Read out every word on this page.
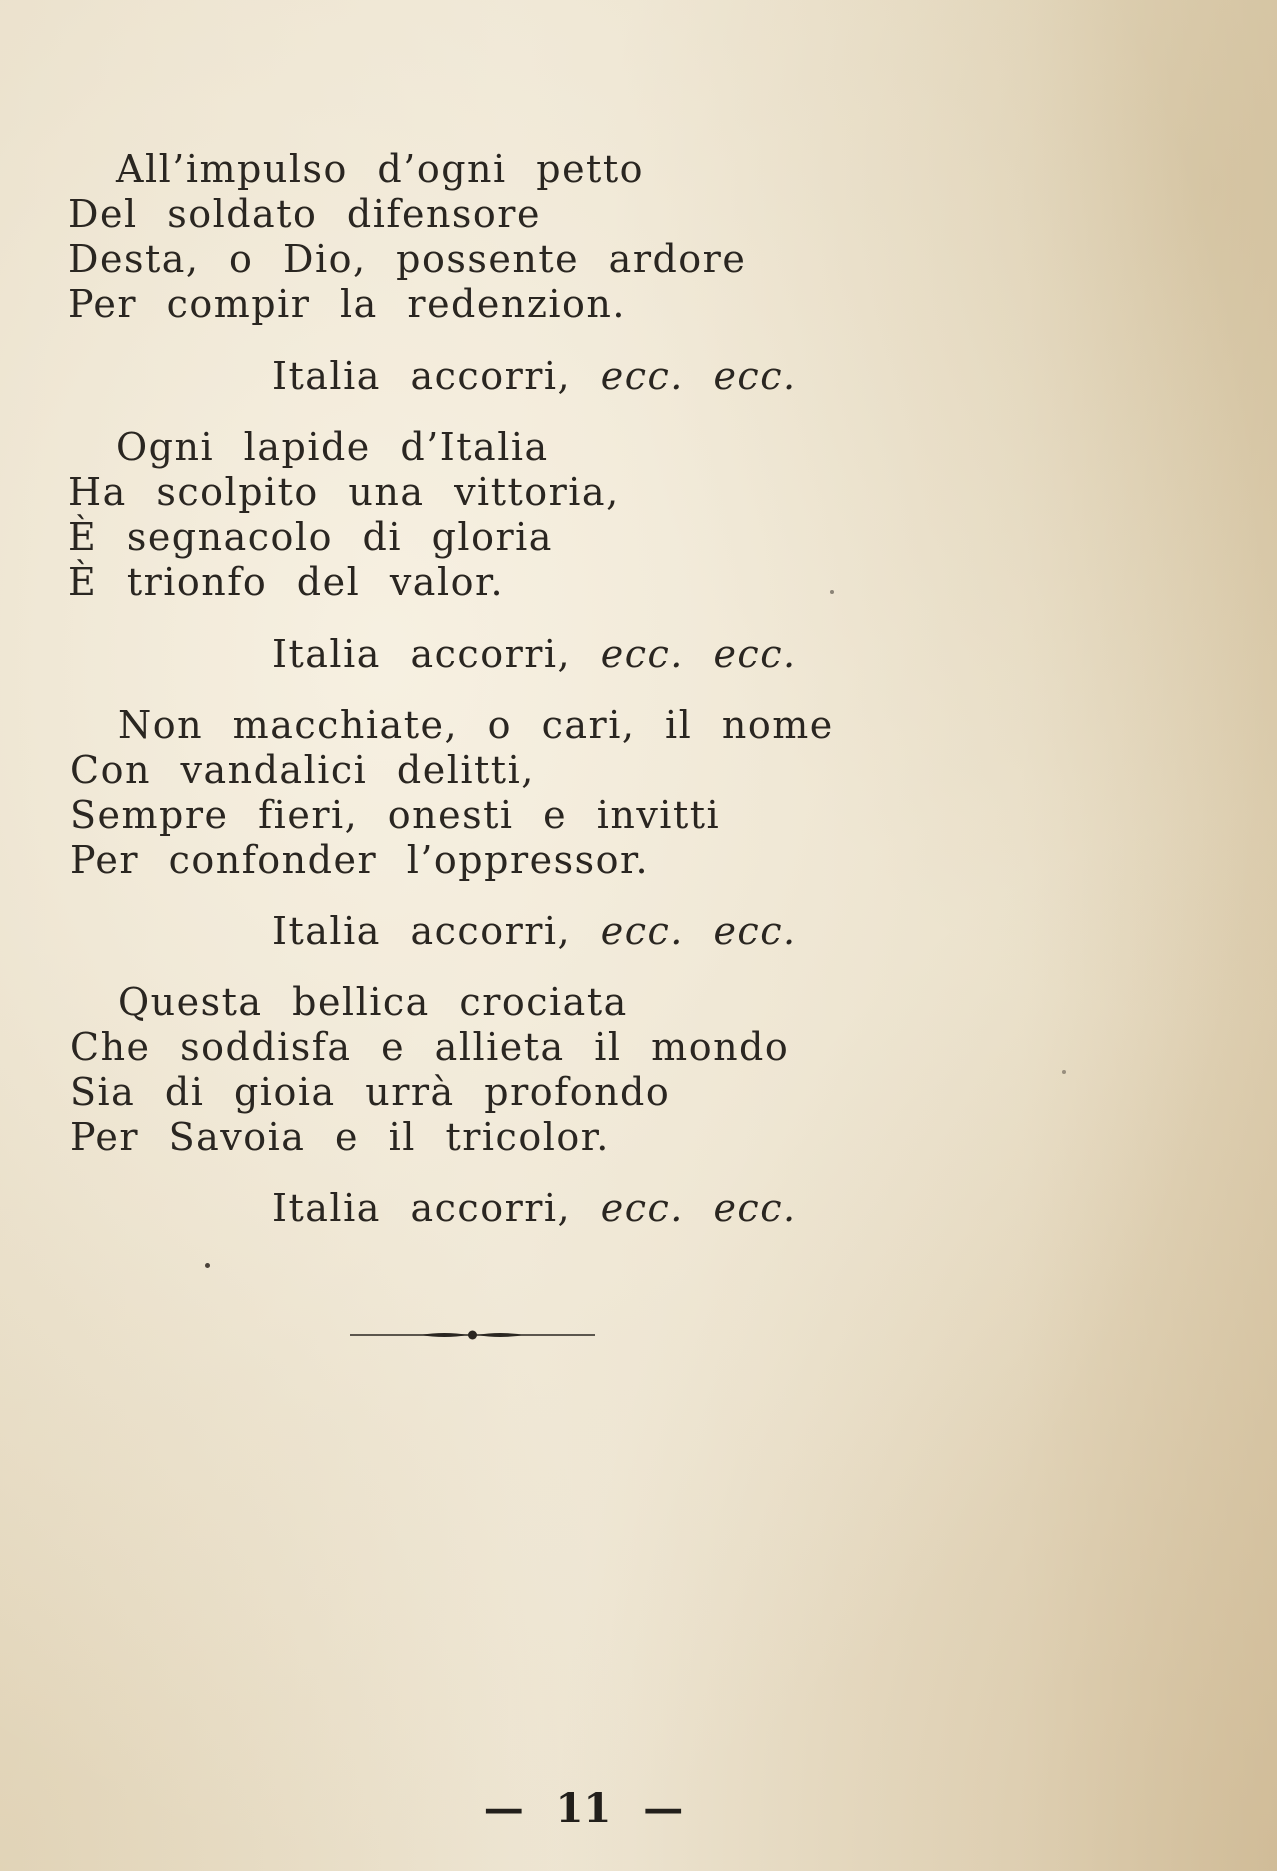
All’impulso d’ogni petto
Del soldato difensore
Desta, o Dio, possente ardore
Per compir la redenzion.

Italia accorri, ecc. ecc.

Ogni lapide d’Italia
Ha scolpito una vittoria,
È segnacolo di gloria
È trionfo del valor.

Italia accorri, ecc. ecc.

Non macchiate, o cari, il nome
Con vandalici delitti,
Sempre fieri, onesti e invitti
Per confonder l’oppressor.

Italia accorri, ecc. ecc.

Questa bellica crociata
Che soddisfa e allieta il mondo
Sia di gioia urrà profondo
Per Savoia e il tricolor.

Italia accorri, ecc. ecc.

— 11 —
